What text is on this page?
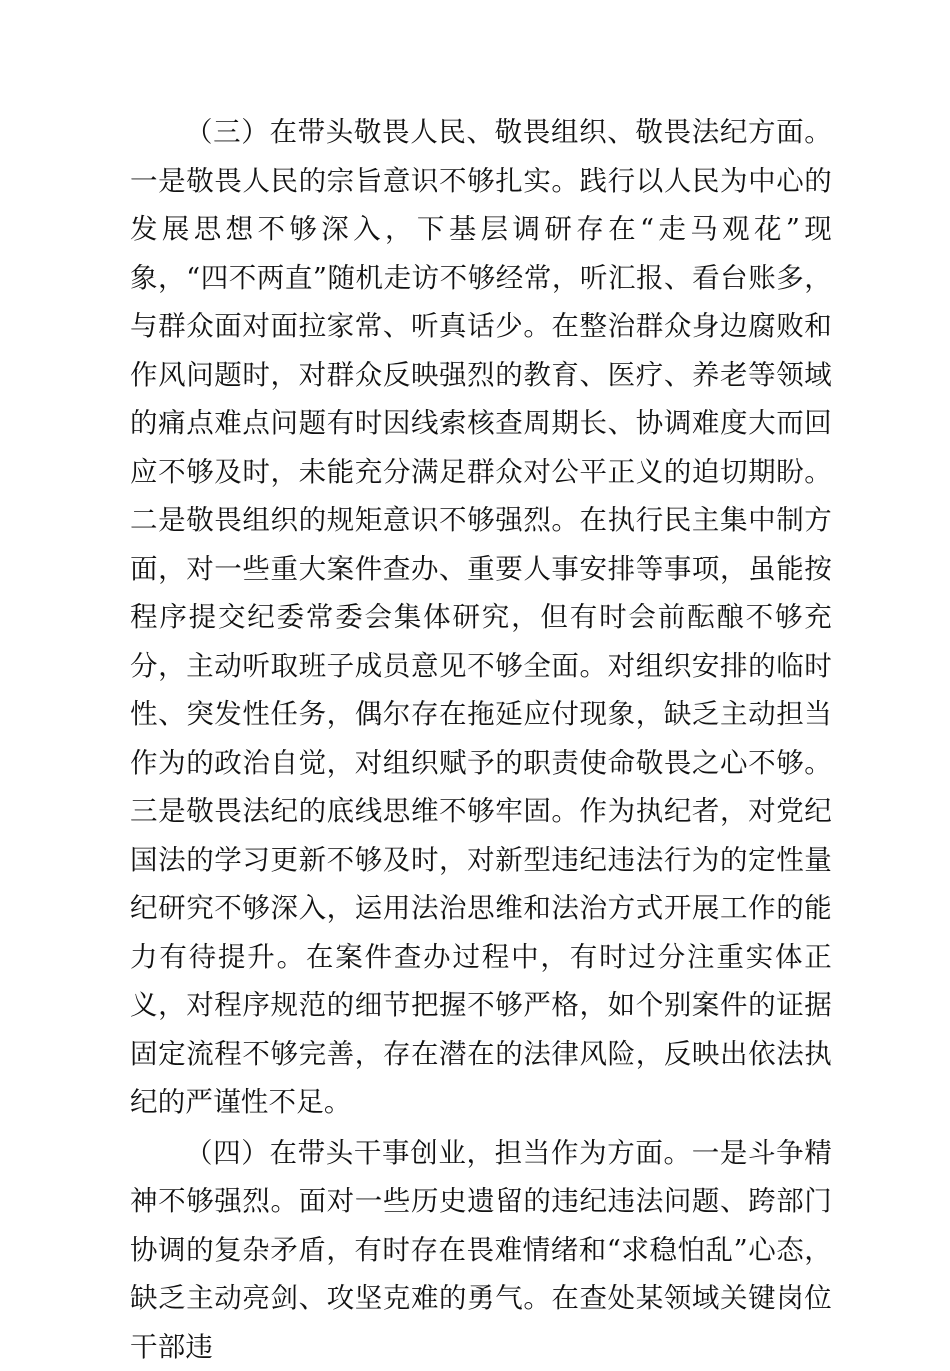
（三）在带头敬畏人民、敬畏组织、敬畏法纪方面。一是敬畏人民的宗旨意识不够扎实。践行以人民为中心的发展思想不够深入，下基层调研存在“走马观花”现象，“四不两直”随机走访不够经常，听汇报、看台账多，与群众面对面拉家常、听真话少。在整治群众身边腐败和作风问题时，对群众反映强烈的教育、医疗、养老等领域的痛点难点问题有时因线索核查周期长、协调难度大而回应不够及时，未能充分满足群众对公平正义的迫切期盼。二是敬畏组织的规矩意识不够强烈。在执行民主集中制方面，对一些重大案件查办、重要人事安排等事项，虽能按程序提交纪委常委会集体研究，但有时会前酝酿不够充分，主动听取班子成员意见不够全面。对组织安排的临时性、突发性任务，偶尔存在拖延应付现象，缺乏主动担当作为的政治自觉，对组织赋予的职责使命敬畏之心不够。三是敬畏法纪的底线思维不够牢固。作为执纪者，对党纪国法的学习更新不够及时，对新型违纪违法行为的定性量纪研究不够深入，运用法治思维和法治方式开展工作的能力有待提升。在案件查办过程中，有时过分注重实体正义，对程序规范的细节把握不够严格，如个别案件的证据固定流程不够完善，存在潜在的法律风险，反映出依法执纪的严谨性不足。

（四）在带头干事创业，担当作为方面。一是斗争精神不够强烈。面对一些历史遗留的违纪违法问题、跨部门协调的复杂矛盾，有时存在畏难情绪和“求稳怕乱”心态，缺乏主动亮剑、攻坚克难的勇气。在查处某领域关键岗位干部违
